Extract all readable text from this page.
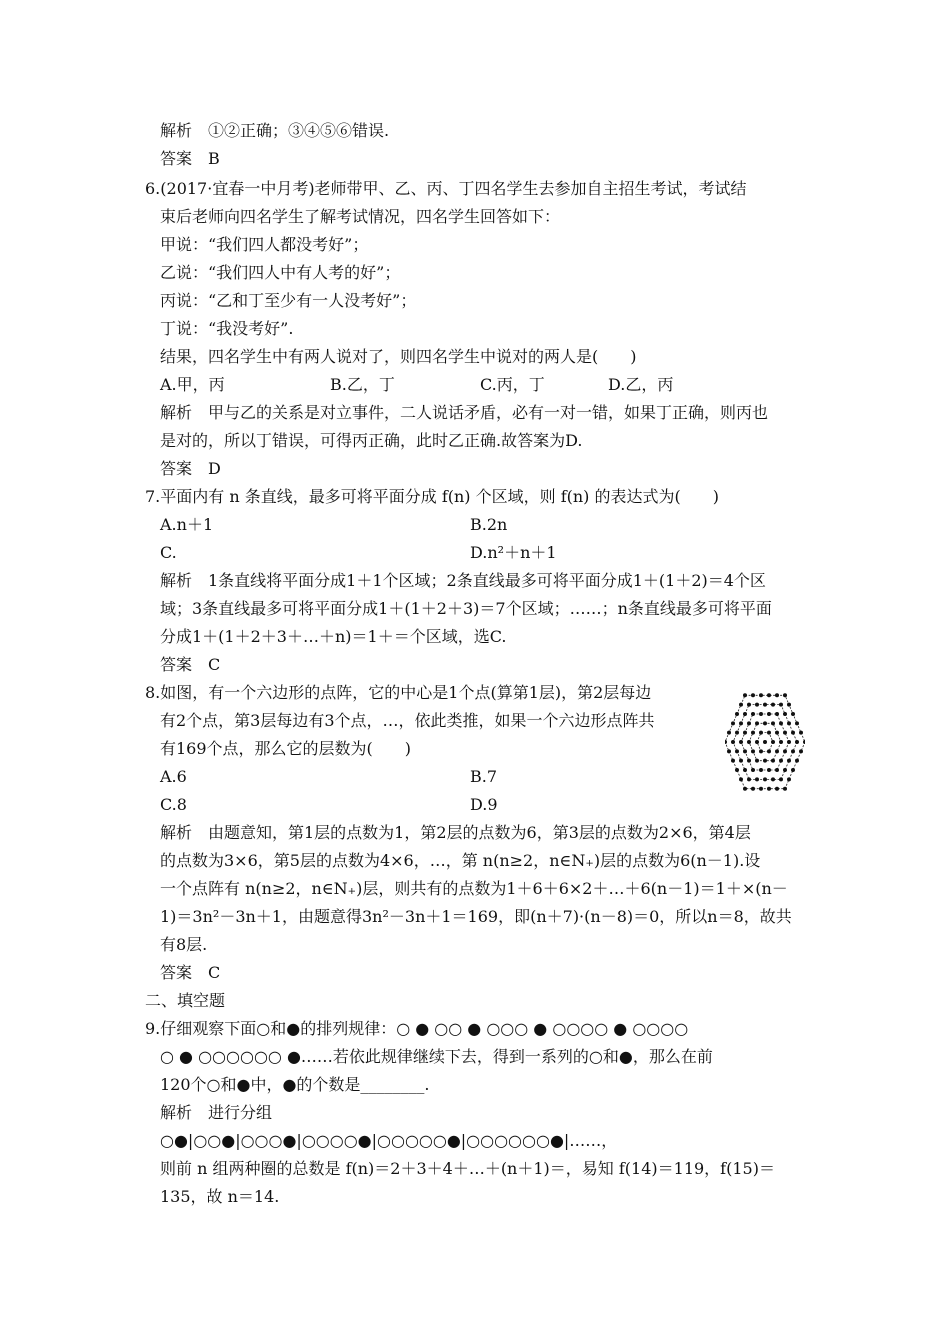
解析　①②正确；③④⑤⑥错误.
答案　B
6.(2017·宜春一中月考)老师带甲、乙、丙、丁四名学生去参加自主招生考试，考试结
束后老师向四名学生了解考试情况，四名学生回答如下：
甲说：“我们四人都没考好”；
乙说：“我们四人中有人考的好”；
丙说：“乙和丁至少有一人没考好”；
丁说：“我没考好”.
结果，四名学生中有两人说对了，则四名学生中说对的两人是(　　)
A.甲，丙	B.乙，丁	C.丙，丁	D.乙，丙
解析　甲与乙的关系是对立事件，二人说话矛盾，必有一对一错，如果丁正确，则丙也
是对的，所以丁错误，可得丙正确，此时乙正确.故答案为D.
答案　D
7.平面内有 n 条直线，最多可将平面分成 f(n) 个区域，则 f(n) 的表达式为(　　)
A.n＋1	B.2n
C.	D.n²＋n＋1
解析　1条直线将平面分成1＋1个区域；2条直线最多可将平面分成1＋(1＋2)＝4个区
域；3条直线最多可将平面分成1＋(1＋2＋3)＝7个区域；……；n条直线最多可将平面
分成1＋(1＋2＋3＋…＋n)＝1＋＝个区域，选C.
答案　C
8.如图，有一个六边形的点阵，它的中心是1个点(算第1层)，第2层每边
有2个点，第3层每边有3个点，…，依此类推，如果一个六边形点阵共
有169个点，那么它的层数为(　　)
A.6	B.7
C.8	D.9
解析　由题意知，第1层的点数为1，第2层的点数为6，第3层的点数为2×6，第4层
的点数为3×6，第5层的点数为4×6，…，第 n(n≥2，n∈N₊)层的点数为6(n－1).设
一个点阵有 n(n≥2，n∈N₊)层，则共有的点数为1＋6＋6×2＋…＋6(n－1)＝1＋×(n－
1)＝3n²－3n＋1，由题意得3n²－3n＋1＝169，即(n＋7)·(n－8)＝0，所以n＝8，故共
有8层.
答案　C
二、填空题
9.仔细观察下面○和●的排列规律：○ ● ○○ ● ○○○ ● ○○○○ ● ○○○○
○ ● ○○○○○○ ●……若依此规律继续下去，得到一系列的○和●，那么在前
120个○和●中，●的个数是________.
解析　进行分组
○●|○○●|○○○●|○○○○●|○○○○○●|○○○○○○●|……，
则前 n 组两种圈的总数是 f(n)＝2＋3＋4＋…＋(n＋1)＝，易知 f(14)＝119，f(15)＝
135，故 n＝14.
